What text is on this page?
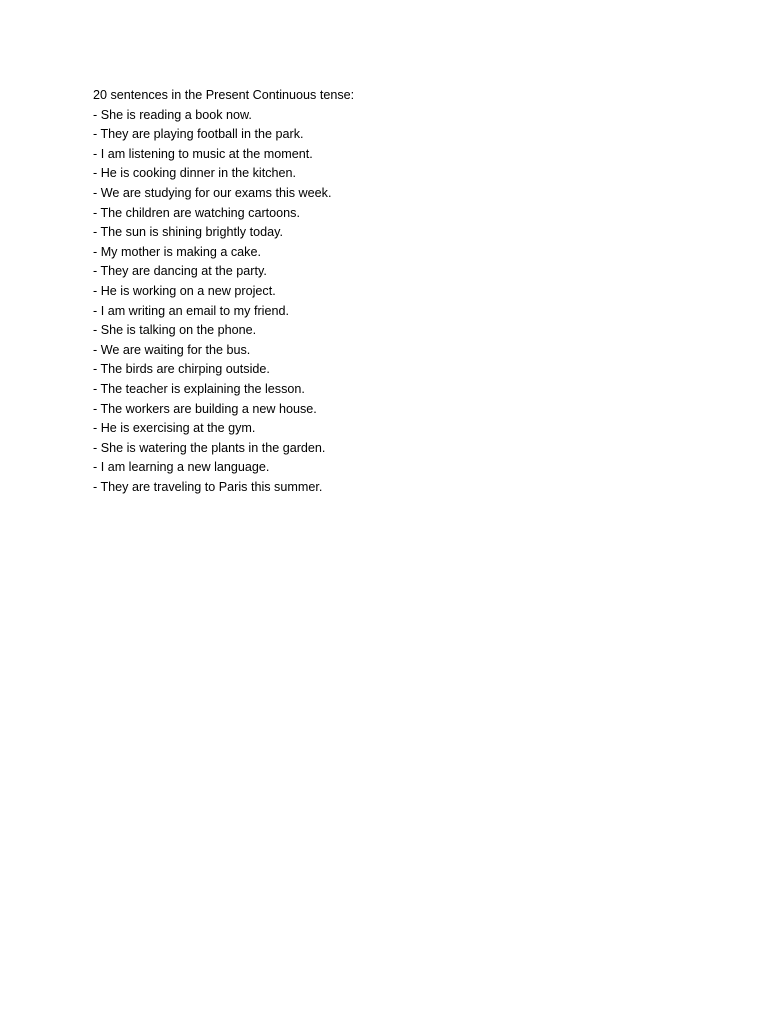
20 sentences in the Present Continuous tense:

- She is reading a book now.
- They are playing football in the park.
- I am listening to music at the moment.
- He is cooking dinner in the kitchen.
- We are studying for our exams this week.
- The children are watching cartoons.
- The sun is shining brightly today.
- My mother is making a cake.
- They are dancing at the party.
- He is working on a new project.
- I am writing an email to my friend.
- She is talking on the phone.
- We are waiting for the bus.
- The birds are chirping outside.
- The teacher is explaining the lesson.
- The workers are building a new house.
- He is exercising at the gym.
- She is watering the plants in the garden.
- I am learning a new language.
- They are traveling to Paris this summer.
